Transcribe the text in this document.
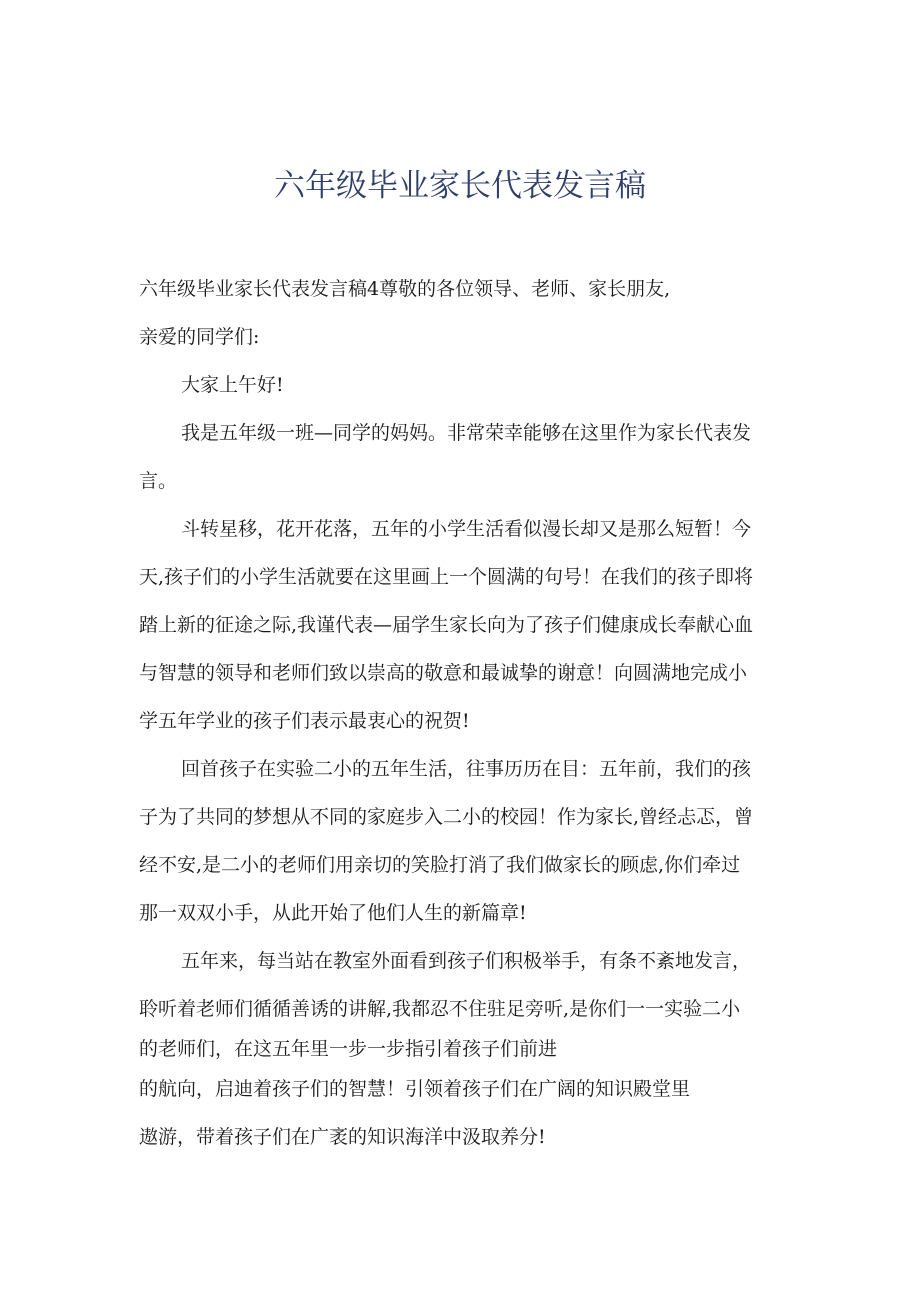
六年级毕业家长代表发言稿
六年级毕业家长代表发言稿4尊敬的各位领导、老师、家长朋友,
亲爱的同学们:
大家上午好!
我是五年级一班—同学的妈妈。非常荣幸能够在这里作为家长代表发
言。
斗转星移，花开花落，五年的小学生活看似漫长却又是那么短暂！今
天,孩子们的小学生活就要在这里画上一个圆满的句号！在我们的孩子即将
踏上新的征途之际,我谨代表—届学生家长向为了孩子们健康成长奉献心血
与智慧的领导和老师们致以崇高的敬意和最诚挚的谢意！向圆满地完成小
学五年学业的孩子们表示最衷心的祝贺!
回首孩子在实验二小的五年生活，往事历历在目：五年前，我们的孩
子为了共同的梦想从不同的家庭步入二小的校园！作为家长,曾经忐忑，曾
经不安,是二小的老师们用亲切的笑脸打消了我们做家长的顾虑,你们牵过
那一双双小手，从此开始了他们人生的新篇章!
五年来，每当站在教室外面看到孩子们积极举手，有条不紊地发言，
聆听着老师们循循善诱的讲解,我都忍不住驻足旁听,是你们一一实验二小
的老师们，在这五年里一步一步指引着孩子们前进
的航向，启迪着孩子们的智慧！引领着孩子们在广阔的知识殿堂里
遨游，带着孩子们在广袤的知识海洋中汲取养分!
